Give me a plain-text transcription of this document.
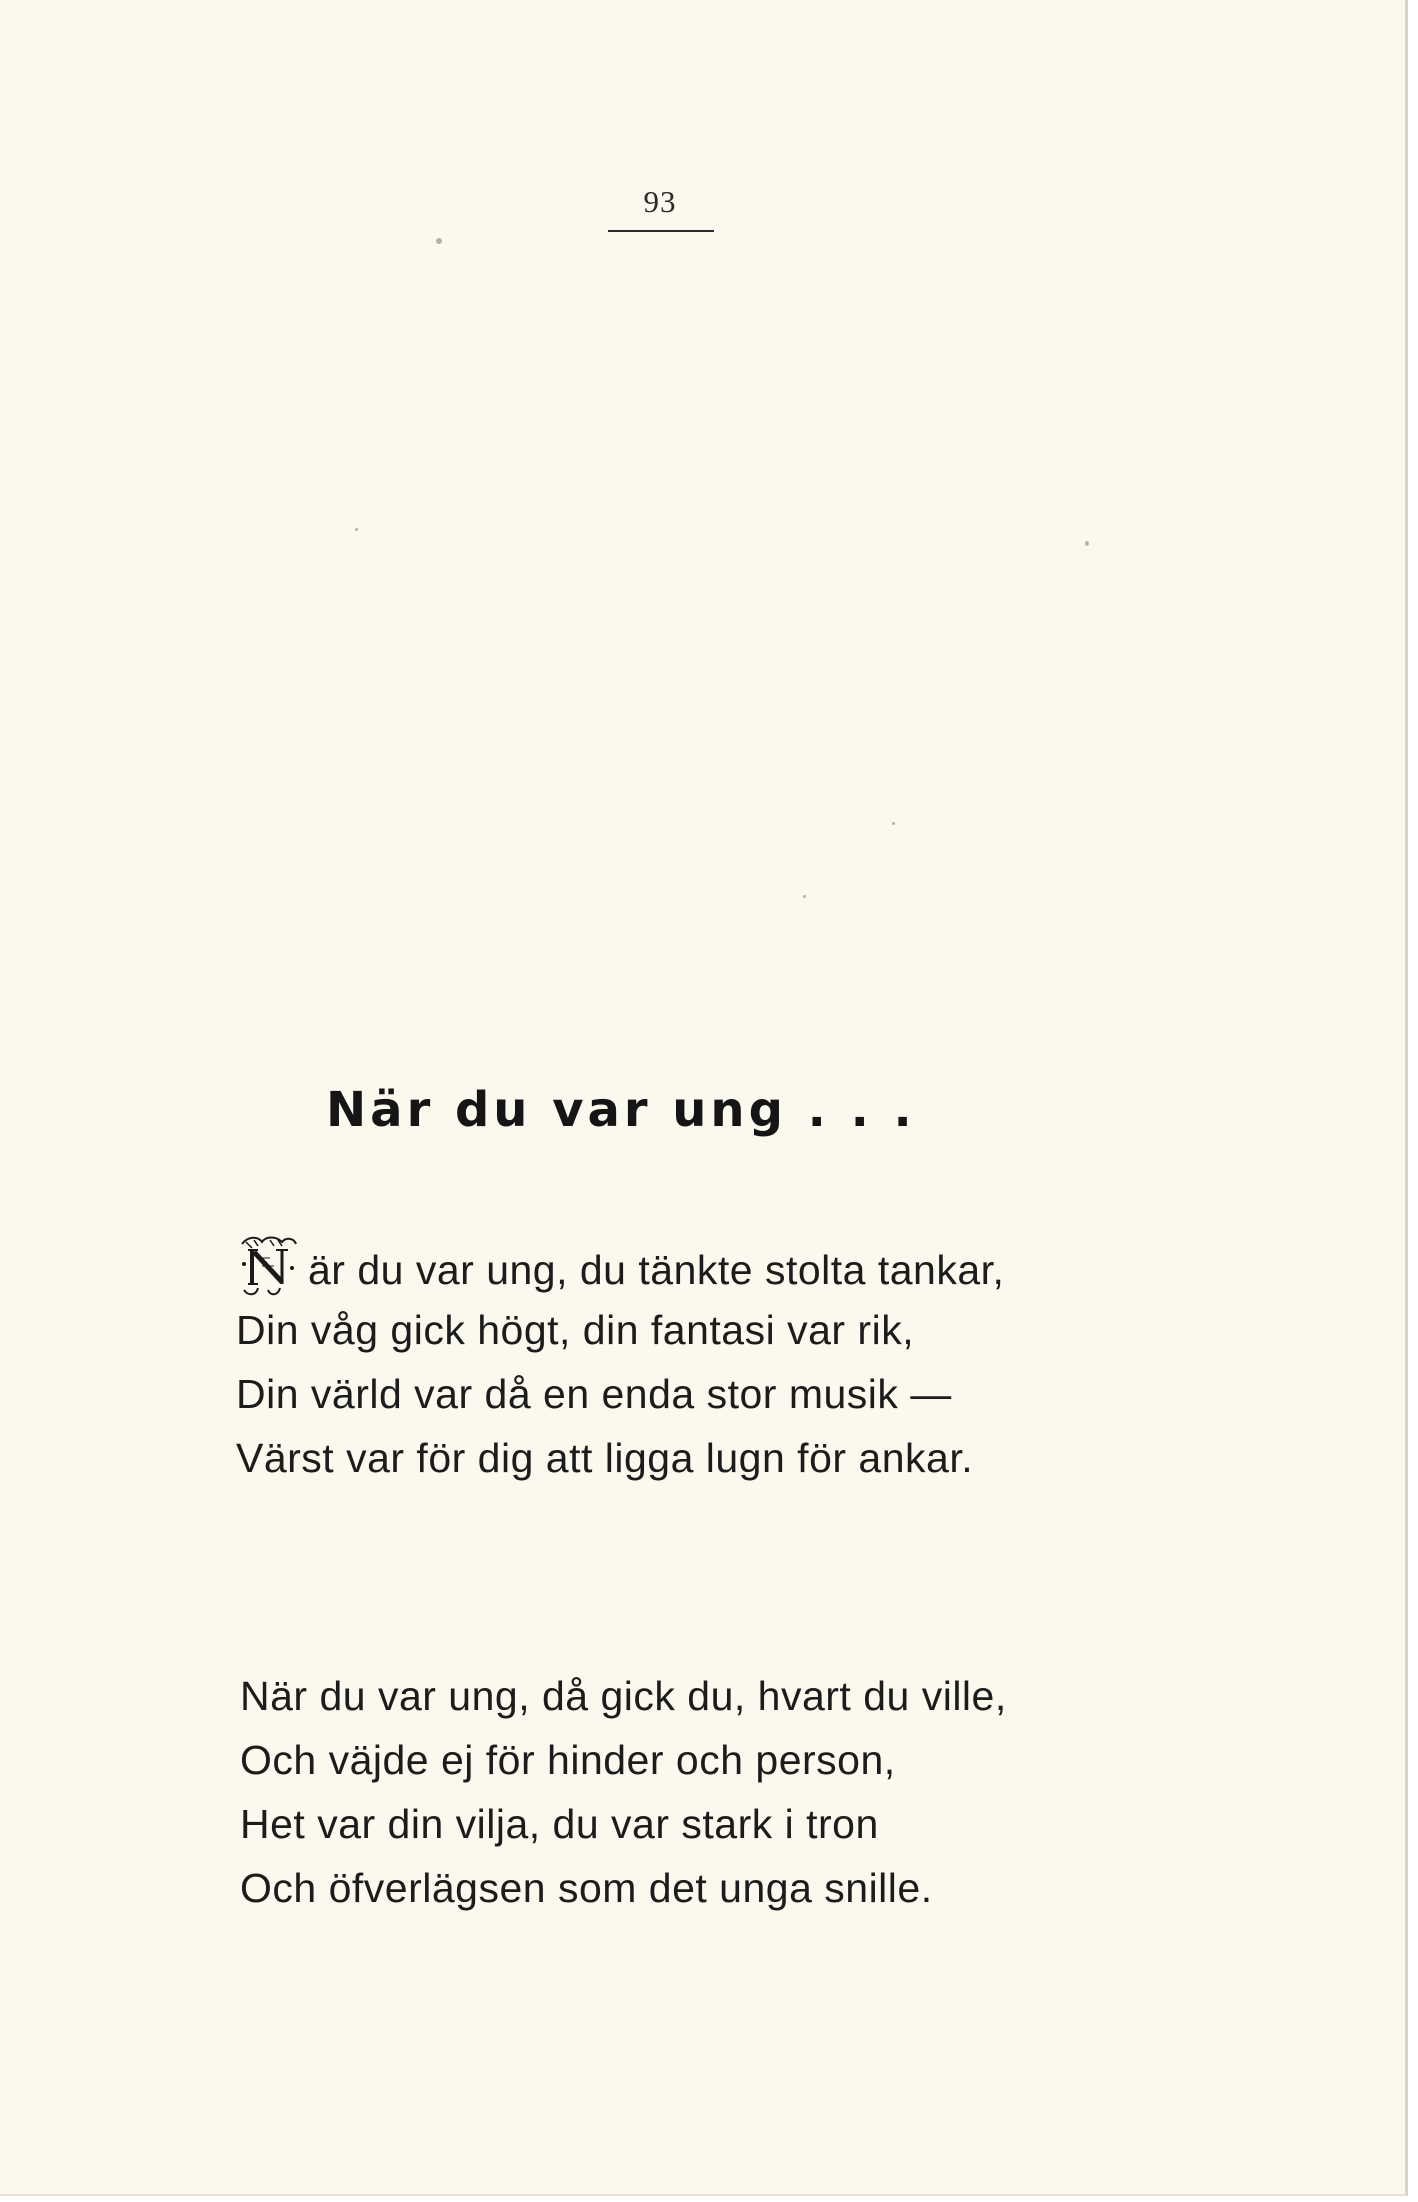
93
När du var ung . . .
är du var ung, du tänkte stolta tankar,
Din våg gick högt, din fantasi var rik,
Din värld var då en enda stor musik —
Värst var för dig att ligga lugn för ankar.
När du var ung, då gick du, hvart du ville,
Och väjde ej för hinder och person,
Het var din vilja, du var stark i tron
Och öfverlägsen som det unga snille.
